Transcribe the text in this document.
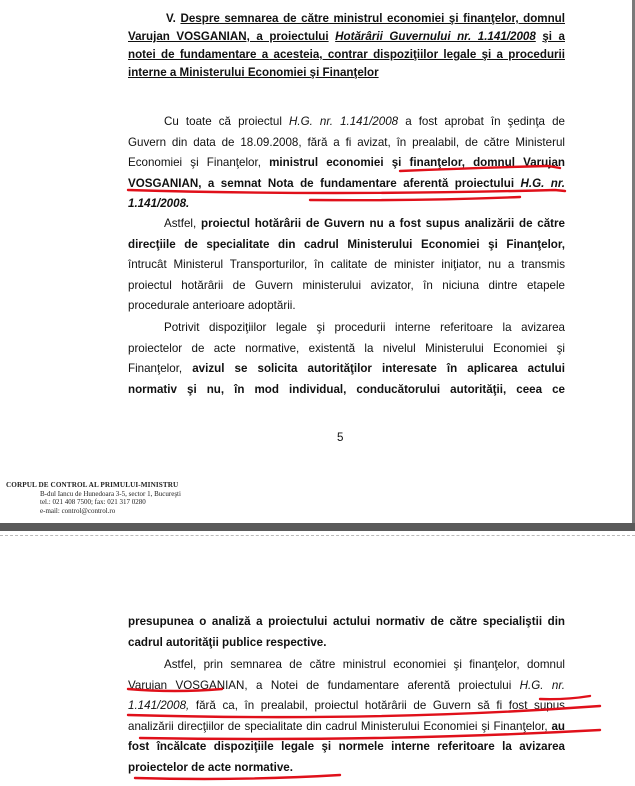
V. Despre semnarea de către ministrul economiei şi finanţelor, domnul
Varujan VOSGANIAN, a proiectului Hotărârii Guvernului nr. 1.141/2008 şi a
notei de fundamentare a acesteia, contrar dispoziţiilor legale şi a procedurii
interne a Ministerului Economiei şi Finanţelor
Cu toate că proiectul H.G. nr. 1.141/2008 a fost aprobat în şedinţa de
Guvern din data de 18.09.2008, fără a fi avizat, în prealabil, de către Ministerul
Economiei şi Finanţelor, ministrul economiei şi finanţelor, domnul Varujan
VOSGANIAN, a semnat Nota de fundamentare aferentă proiectului H.G. nr.
1.141/2008.
Astfel, proiectul hotărârii de Guvern nu a fost supus analizării de către
direcţiile de specialitate din cadrul Ministerului Economiei şi Finanţelor,
întrucât Ministerul Transporturilor, în calitate de minister iniţiator, nu a transmis
proiectul hotărârii de Guvern ministerului avizator, în niciuna dintre etapele
procedurale anterioare adoptării.
Potrivit dispoziţiilor legale şi procedurii interne referitoare la avizarea
proiectelor de acte normative, existentă la nivelul Ministerului Economiei şi
Finanţelor, avizul se solicita autorităţilor interesate în aplicarea actului
normativ şi nu, în mod individual, conducătorului autorităţii, ceea ce
5
CORPUL DE CONTROL AL PRIMULUI-MINISTRU
B-dul Iancu de Hunedoara 3-5, sector 1, Bucureşti
tel.: 021 408 7500; fax: 021 317 0280
e-mail: control@control.ro
presupunea o analiză a proiectului actului normativ de către specialiştii din
cadrul autorităţii publice respective.
Astfel, prin semnarea de către ministrul economiei şi finanţelor, domnul
Varujan VOSGANIAN, a Notei de fundamentare aferentă proiectului H.G. nr.
1.141/2008, fără ca, în prealabil, proiectul hotărârii de Guvern să fi fost supus
analizării direcţiilor de specialitate din cadrul Ministerului Economiei şi Finanţelor, au
fost încălcate dispoziţiile legale şi normele interne referitoare la avizarea
proiectelor de acte normative.
